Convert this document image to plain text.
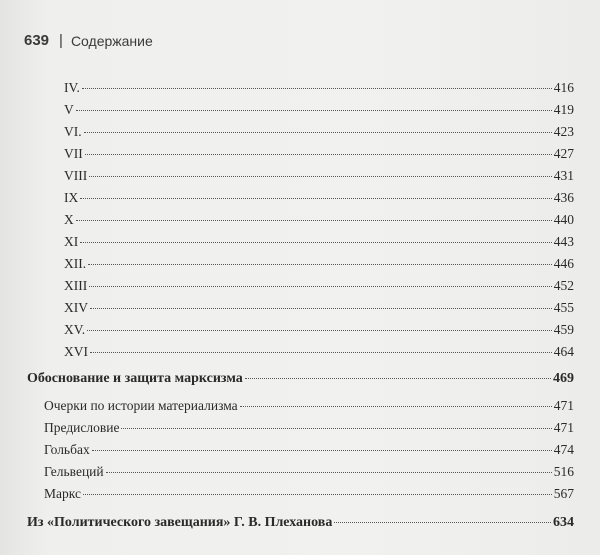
639 | Содержание
IV.	416
V	419
VI.	423
VII	427
VIII	431
IX	436
X	440
XI	443
XII.	446
XIII	452
XIV	455
XV.	459
XVI	464
Обоснование и защита марксизма	469
Очерки по истории материализма	471
Предисловие	471
Гольбах	474
Гельвеций	516
Маркс	567
Из «Политического завещания» Г. В. Плеханова	634
